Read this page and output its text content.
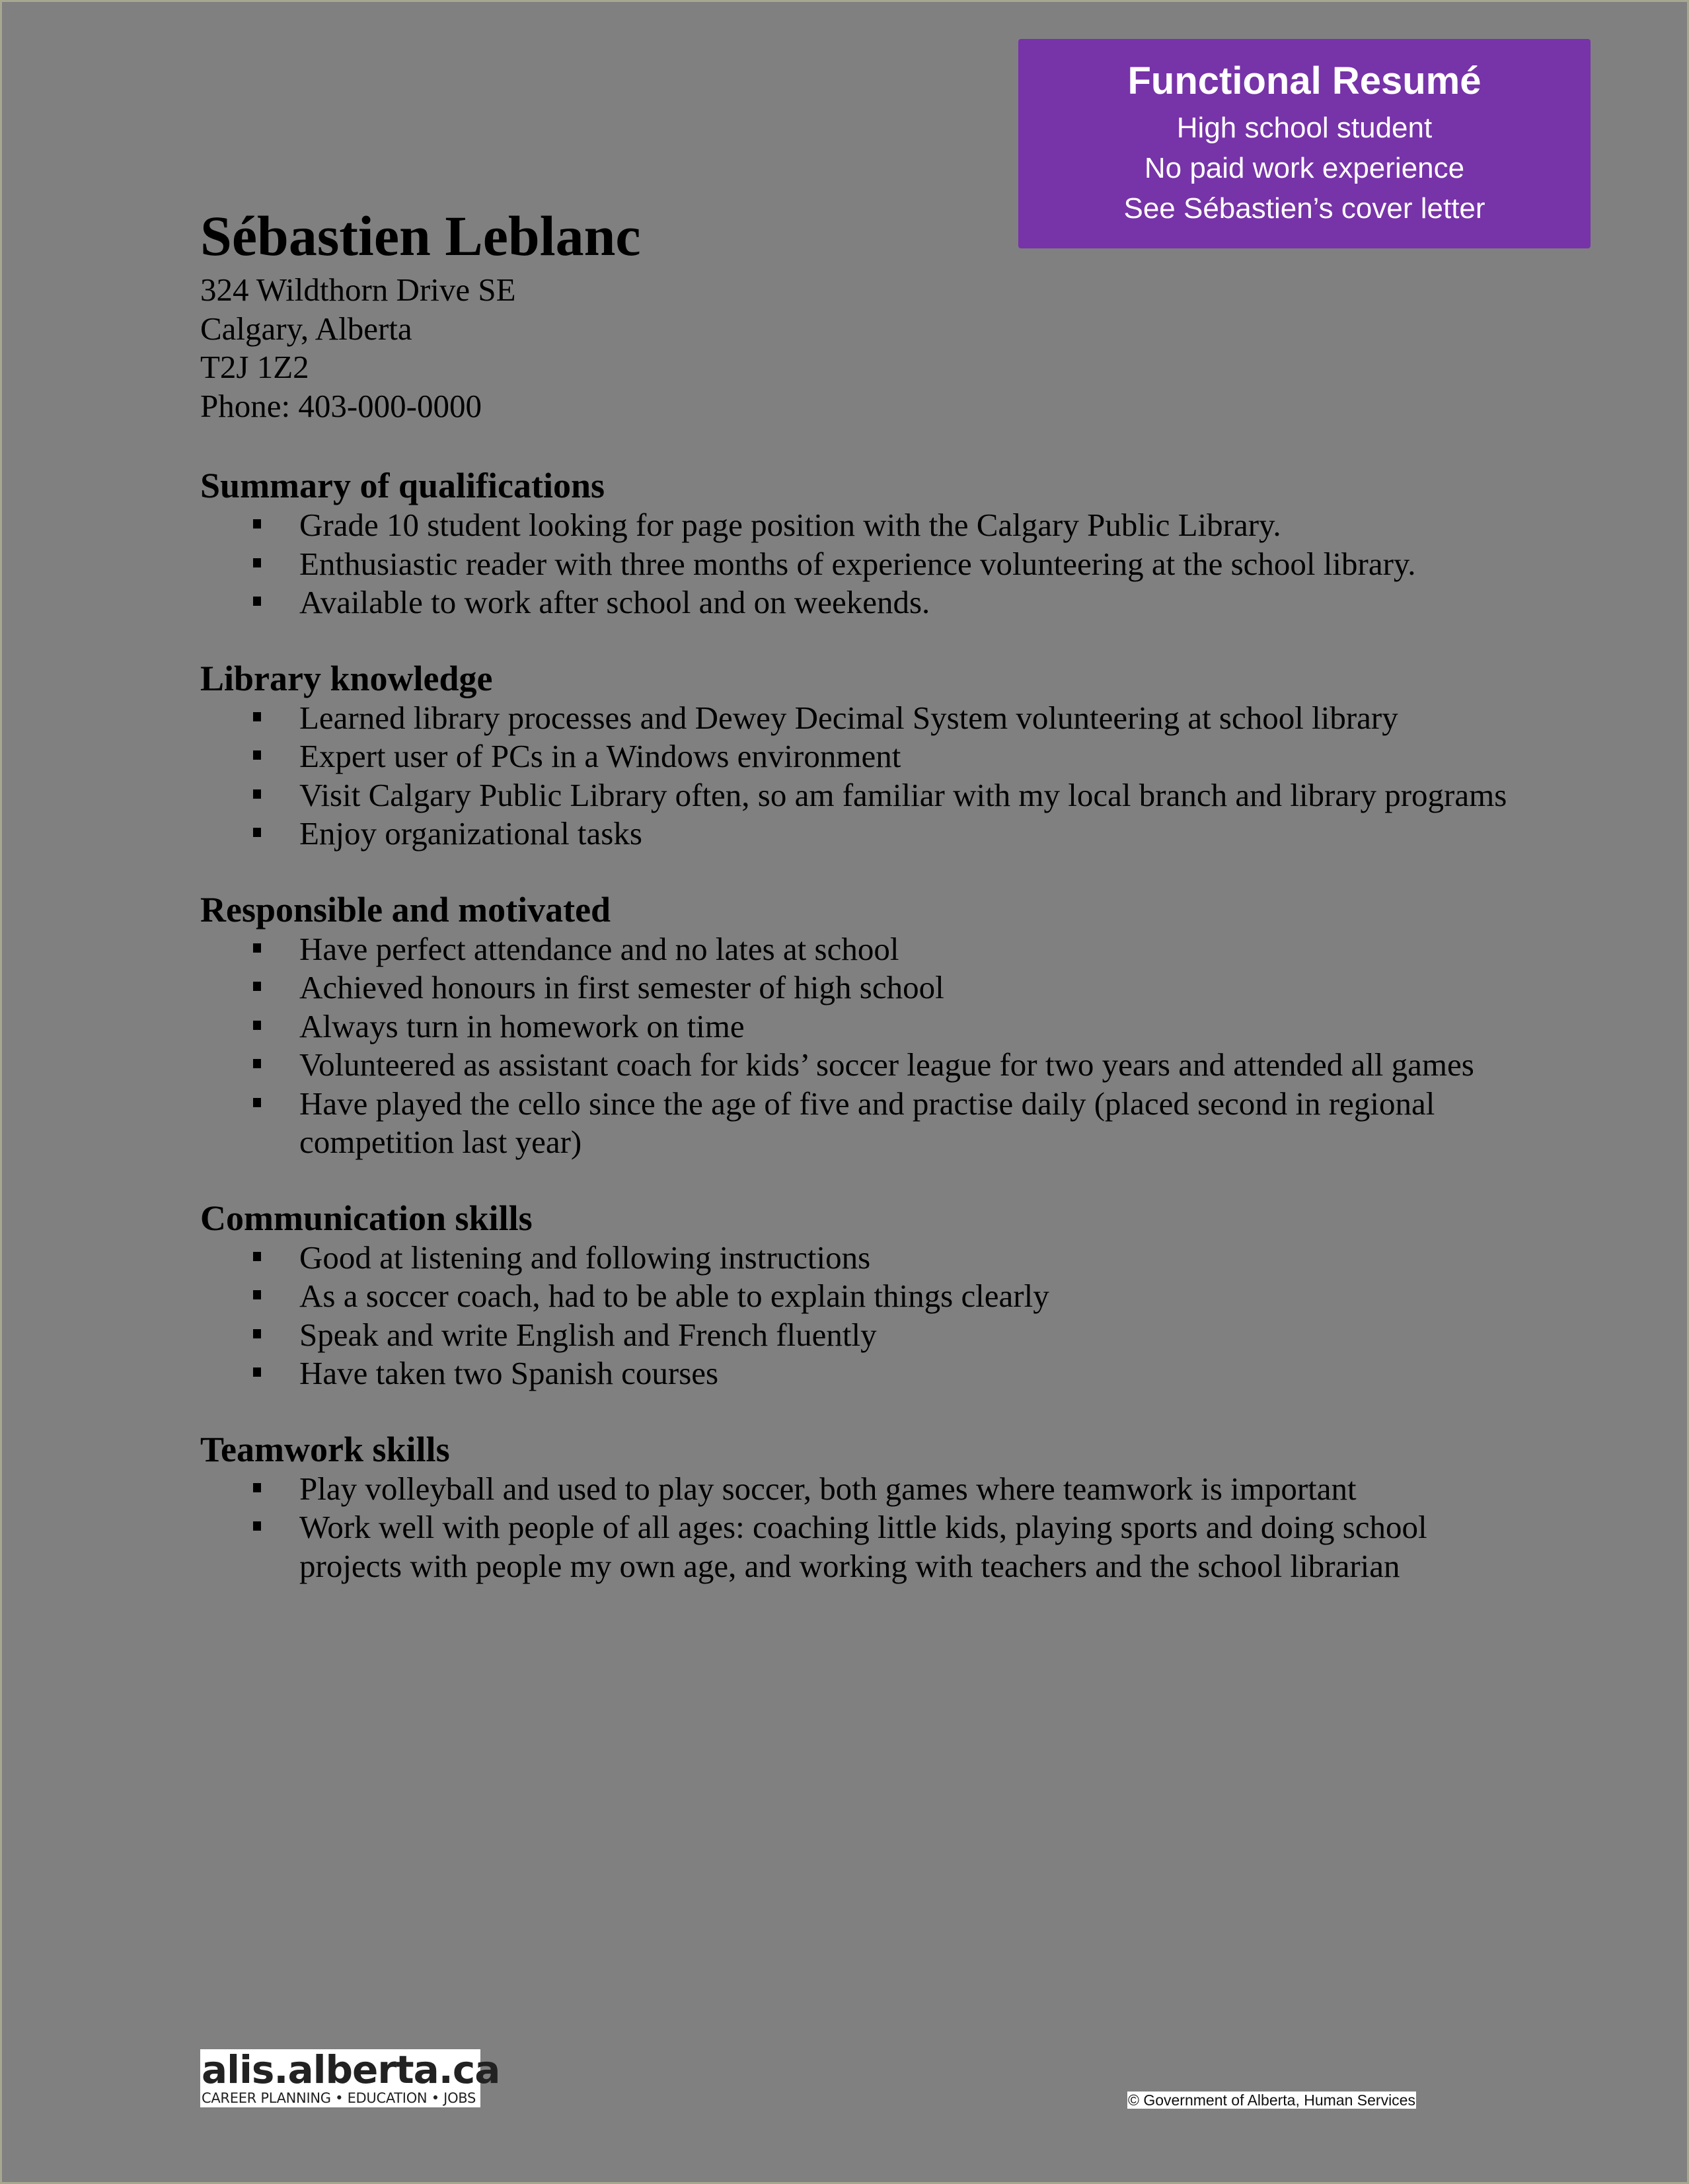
Functional Resumé
High school student
No paid work experience
See Sébastien’s cover letter
Sébastien Leblanc
324 Wildthorn Drive SE
Calgary, Alberta
T2J 1Z2
Phone: 403-000-0000
Summary of qualifications
Grade 10 student looking for page position with the Calgary Public Library.
Enthusiastic reader with three months of experience volunteering at the school library.
Available to work after school and on weekends.
Library knowledge
Learned library processes and Dewey Decimal System volunteering at school library
Expert user of PCs in a Windows environment
Visit Calgary Public Library often, so am familiar with my local branch and library programs
Enjoy organizational tasks
Responsible and motivated
Have perfect attendance and no lates at school
Achieved honours in first semester of high school
Always turn in homework on time
Volunteered as assistant coach for kids’ soccer league for two years and attended all games
Have played the cello since the age of five and practise daily (placed second in regional competition last year)
Communication skills
Good at listening and following instructions
As a soccer coach, had to be able to explain things clearly
Speak and write English and French fluently
Have taken two Spanish courses
Teamwork skills
Play volleyball and used to play soccer, both games where teamwork is important
Work well with people of all ages: coaching little kids, playing sports and doing school projects with people my own age, and working with teachers and the school librarian
alis.alberta.ca
CAREER PLANNING • EDUCATION • JOBS	© Government of Alberta, Human Services
